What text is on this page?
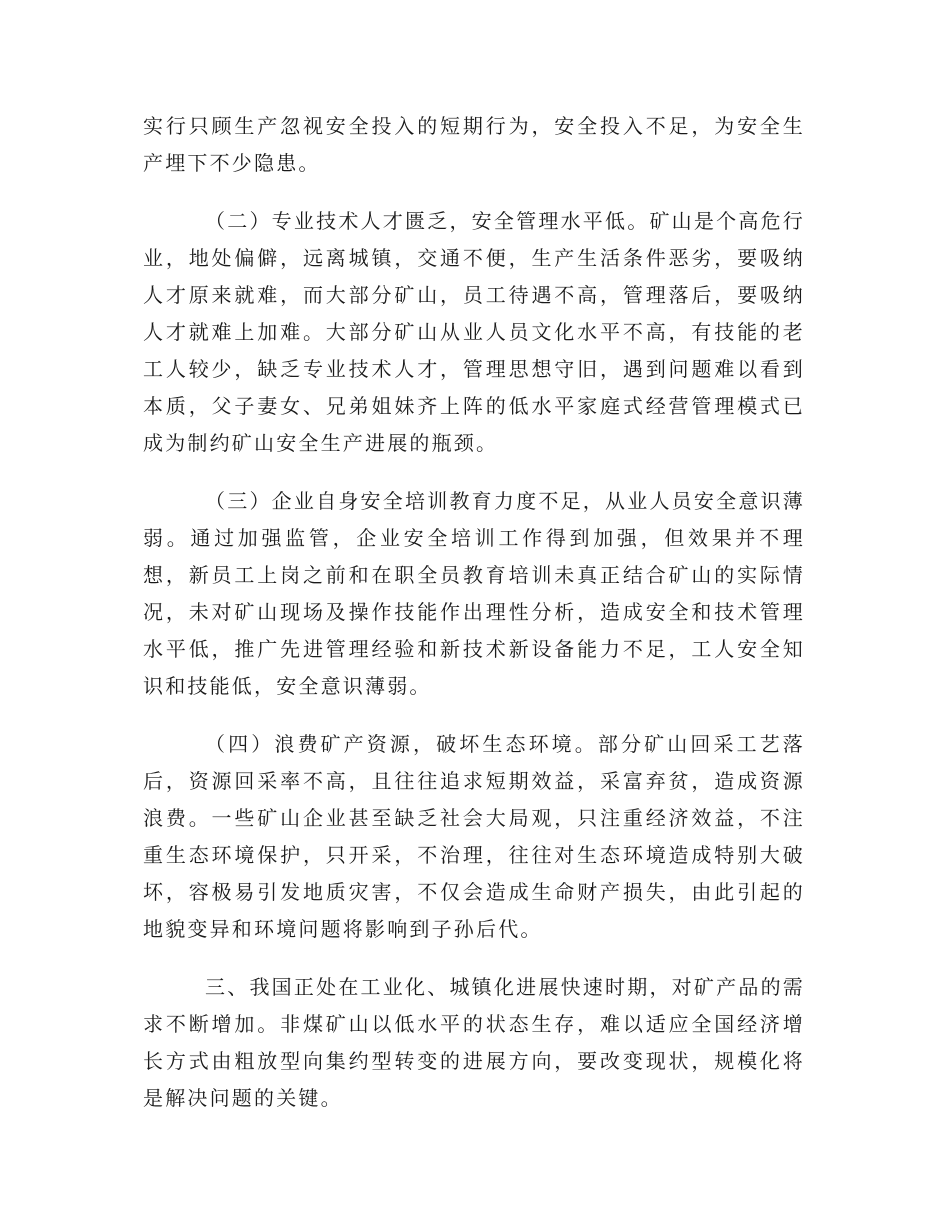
实行只顾生产忽视安全投入的短期行为，安全投入不足，为安全生产埋下不少隐患。

（二）专业技术人才匮乏，安全管理水平低。矿山是个高危行业，地处偏僻，远离城镇，交通不便，生产生活条件恶劣，要吸纳人才原来就难，而大部分矿山，员工待遇不高，管理落后，要吸纳人才就难上加难。大部分矿山从业人员文化水平不高，有技能的老工人较少，缺乏专业技术人才，管理思想守旧，遇到问题难以看到本质，父子妻女、兄弟姐妹齐上阵的低水平家庭式经营管理模式已成为制约矿山安全生产进展的瓶颈。

（三）企业自身安全培训教育力度不足，从业人员安全意识薄弱。通过加强监管，企业安全培训工作得到加强，但效果并不理想，新员工上岗之前和在职全员教育培训未真正结合矿山的实际情况，未对矿山现场及操作技能作出理性分析，造成安全和技术管理水平低，推广先进管理经验和新技术新设备能力不足，工人安全知识和技能低，安全意识薄弱。

（四）浪费矿产资源，破坏生态环境。部分矿山回采工艺落后，资源回采率不高，且往往追求短期效益，采富弃贫，造成资源浪费。一些矿山企业甚至缺乏社会大局观，只注重经济效益，不注重生态环境保护，只开采，不治理，往往对生态环境造成特别大破坏，容极易引发地质灾害，不仅会造成生命财产损失，由此引起的地貌变异和环境问题将影响到子孙后代。

三、我国正处在工业化、城镇化进展快速时期，对矿产品的需求不断增加。非煤矿山以低水平的状态生存，难以适应全国经济增长方式由粗放型向集约型转变的进展方向，要改变现状，规模化将是解决问题的关键。
